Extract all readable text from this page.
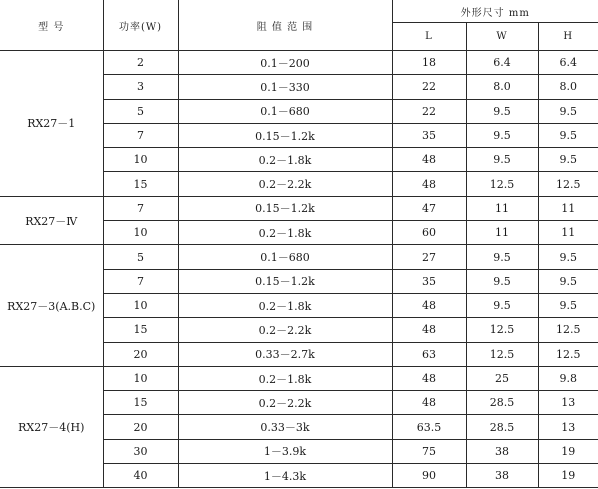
型 号	功率(W)	阻 值 范 围	外形尺寸 mm		
			L	W	H
RX27－1	2	0.1－200	18	6.4	6.4
	3	0.1－330	22	8.0	8.0
	5	0.1－680	22	9.5	9.5
	7	0.15－1.2k	35	9.5	9.5
	10	0.2－1.8k	48	9.5	9.5
	15	0.2－2.2k	48	12.5	12.5
RX27－Ⅳ	7	0.15－1.2k	47	11	11
	10	0.2－1.8k	60	11	11
RX27－3(A.B.C)	5	0.1－680	27	9.5	9.5
	7	0.15－1.2k	35	9.5	9.5
	10	0.2－1.8k	48	9.5	9.5
	15	0.2－2.2k	48	12.5	12.5
	20	0.33－2.7k	63	12.5	12.5
RX27－4(H)	10	0.2－1.8k	48	25	9.8
	15	0.2－2.2k	48	28.5	13
	20	0.33－3k	63.5	28.5	13
	30	1－3.9k	75	38	19
	40	1－4.3k	90	38	19
